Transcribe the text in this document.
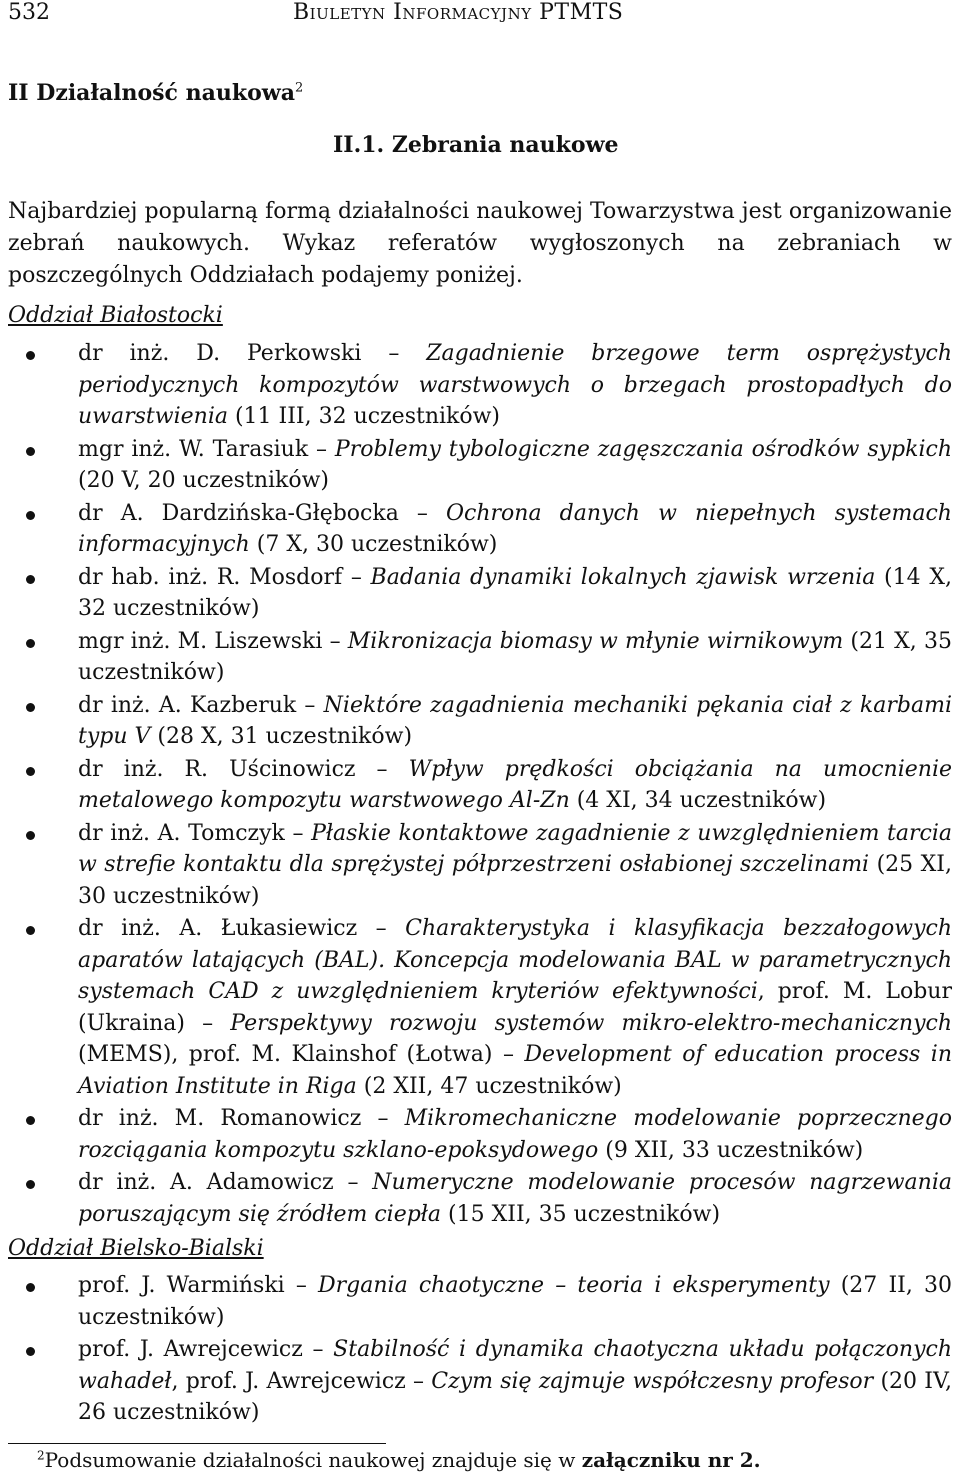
532	Biuletyn Informacyjny PTMTS
II Działalność naukowa$^2$
II.1. Zebrania naukowe

Najbardziej popularną formą działalności naukowej Towarzystwa jest organizowanie zebrań naukowych. Wykaz referatów wygłoszonych na zebraniach w poszczególnych Oddziałach podajemy poniżej.

Oddział Białostocki
dr inż. D. Perkowski – Zagadnienie brzegowe term osprężystych periodycznych kompozytów warstwowych o brzegach prostopadłych do uwarstwienia (11 III, 32 uczestników)
mgr inż. W. Tarasiuk – Problemy tybologiczne zagęszczania ośrodków sypkich (20 V, 20 uczestników)
dr A. Dardzińska-Głębocka – Ochrona danych w niepełnych systemach informacyjnych (7 X, 30 uczestników)
dr hab. inż. R. Mosdorf – Badania dynamiki lokalnych zjawisk wrzenia (14 X, 32 uczestników)
mgr inż. M. Liszewski – Mikronizacja biomasy w młynie wirnikowym (21 X, 35 uczestników)
dr inż. A. Kazberuk – Niektóre zagadnienia mechaniki pękania ciał z karbami typu V (28 X, 31 uczestników)
dr inż. R. Uścinowicz – Wpływ prędkości obciążania na umocnienie metalowego kompozytu warstwowego Al-Zn (4 XI, 34 uczestników)
dr inż. A. Tomczyk – Płaskie kontaktowe zagadnienie z uwzględnieniem tarcia w strefie kontaktu dla sprężystej półprzestrzeni osłabionej szczelinami (25 XI, 30 uczestników)
dr inż. A. Łukasiewicz – Charakterystyka i klasyfikacja bezzałogowych aparatów latających (BAL). Koncepcja modelowania BAL w parametrycznych systemach CAD z uwzględnieniem kryteriów efektywności, prof. M. Lobur (Ukraina) – Perspektywy rozwoju systemów mikro-elektro-mechanicznych (MEMS), prof. M. Klainshof (Łotwa) – Development of education process in Aviation Institute in Riga (2 XII, 47 uczestników)
dr inż. M. Romanowicz – Mikromechaniczne modelowanie poprzecznego rozciągania kompozytu szklano-epoksydowego (9 XII, 33 uczestników)
dr inż. A. Adamowicz – Numeryczne modelowanie procesów nagrzewania poruszającym się źródłem ciepła (15 XII, 35 uczestników)
Oddział Bielsko-Bialski
prof. J. Warmiński – Drgania chaotyczne – teoria i eksperymenty (27 II, 30 uczestników)
prof. J. Awrejcewicz – Stabilność i dynamika chaotyczna układu połączonych wahadeł, prof. J. Awrejcewicz – Czym się zajmuje współczesny profesor (20 IV, 26 uczestników)
$^2$Podsumowanie działalności naukowej znajduje się w załączniku nr 2.
